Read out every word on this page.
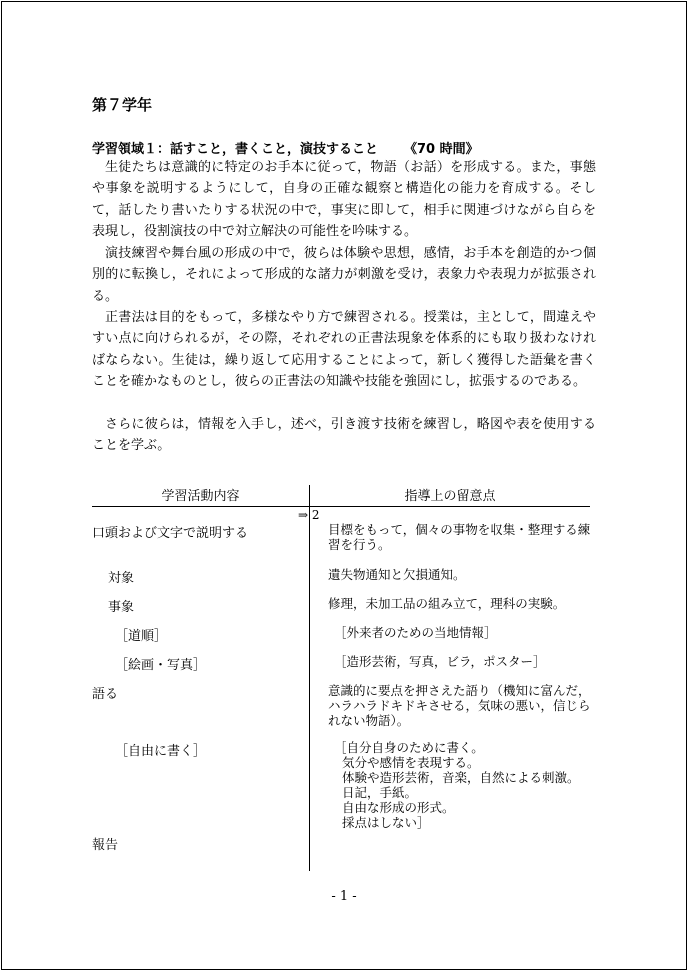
第７学年
学習領域１：話すこと，書くこと，演技すること 《70 時間》
生徒たちは意識的に特定のお手本に従って，物語（お話）を形成する。また，事態や事象を説明するようにして，自身の正確な観察と構造化の能力を育成する。そして，話したり書いたりする状況の中で，事実に即して，相手に関連づけながら自らを表現し，役割演技の中で対立解決の可能性を吟味する。
演技練習や舞台風の形成の中で，彼らは体験や思想，感情，お手本を創造的かつ個別的に転換し，それによって形成的な諸力が刺激を受け，表象力や表現力が拡張される。
正書法は目的をもって，多様なやり方で練習される。授業は，主として，間違えやすい点に向けられるが，その際，それぞれの正書法現象を体系的にも取り扱わなければならない。生徒は，繰り返して応用することによって，新しく獲得した語彙を書くことを確かなものとし，彼らの正書法の知識や技能を強固にし，拡張するのである。
さらに彼らは，情報を入手し，述べ，引き渡す技術を練習し，略図や表を使用することを学ぶ。
学習活動内容	指導上の留意点
⇒ 2
口頭および文字で説明する	目標をもって，個々の事物を収集・整理する練習を行う。
対象	遺失物通知と欠損通知。
事象	修理，未加工品の組み立て，理科の実験。
［道順］	［外来者のための当地情報］
［絵画・写真］	［造形芸術，写真，ビラ，ポスター］
語る	意識的に要点を押さえた語り（機知に富んだ，ハラハラドキドキさせる，気味の悪い，信じられない物語）。
［自由に書く］	［自分自身のために書く。
気分や感情を表現する。
体験や造形芸術，音楽，自然による刺激。
日記，手紙。
自由な形成の形式。
採点はしない］
報告
- 1 -
